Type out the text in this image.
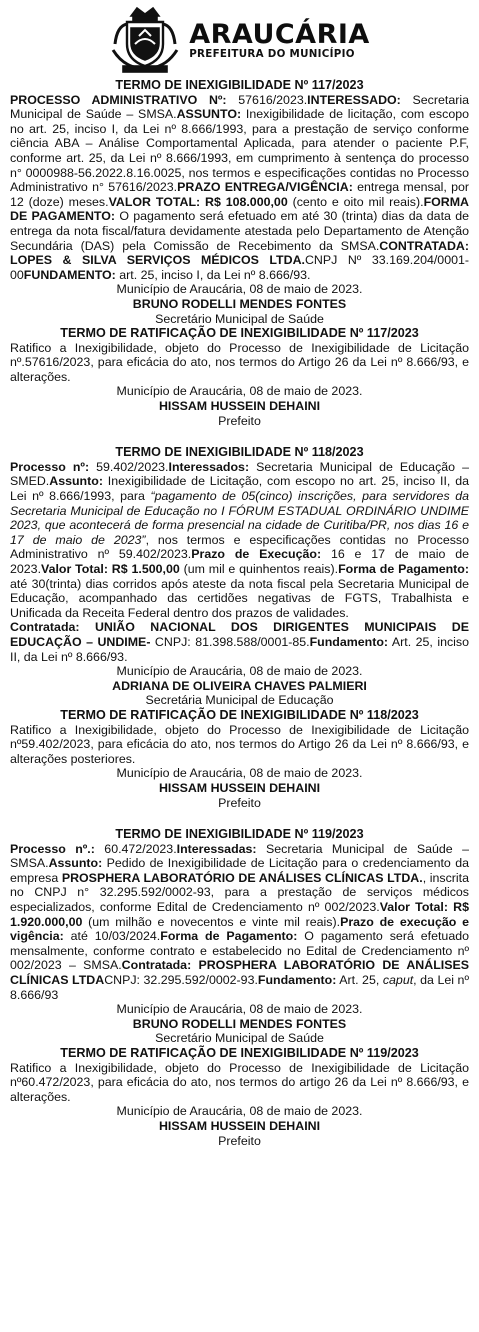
ARAUCÁRIA
PREFEITURA DO MUNICÍPIO
TERMO DE INEXIGIBILIDADE Nº 117/2023
PROCESSO ADMINISTRATIVO Nº: 57616/2023.INTERESSADO: Secretaria Municipal de Saúde – SMSA.ASSUNTO: Inexigibilidade de licitação, com escopo no art. 25, inciso I, da Lei nº 8.666/1993, para a prestação de serviço conforme ciência ABA – Análise Comportamental Aplicada, para atender o paciente P.F, conforme art. 25, da Lei nº 8.666/1993, em cumprimento à sentença do processo n° 0000988-56.2022.8.16.0025, nos termos e especificações contidas no Processo Administrativo n° 57616/2023.PRAZO ENTREGA/VIGÊNCIA: entrega mensal, por 12 (doze) meses.VALOR TOTAL: R$ 108.000,00 (cento e oito mil reais).FORMA DE PAGAMENTO: O pagamento será efetuado em até 30 (trinta) dias da data de entrega da nota fiscal/fatura devidamente atestada pelo Departamento de Atenção Secundária (DAS) pela Comissão de Recebimento da SMSA.CONTRATADA: LOPES & SILVA SERVIÇOS MÉDICOS LTDA.CNPJ Nº 33.169.204/0001-00FUNDAMENTO: art. 25, inciso I, da Lei nº 8.666/93.
Município de Araucária, 08 de maio de 2023.
BRUNO RODELLI MENDES FONTES
Secretário Municipal de Saúde
TERMO DE RATIFICAÇÃO DE INEXIGIBILIDADE Nº 117/2023
Ratifico a Inexigibilidade, objeto do Processo de Inexigibilidade de Licitação nº.57616/2023, para eficácia do ato, nos termos do Artigo 26 da Lei nº 8.666/93, e alterações.
Município de Araucária, 08 de maio de 2023.
HISSAM HUSSEIN DEHAINI
Prefeito
TERMO DE INEXIGIBILIDADE Nº 118/2023
Processo nº: 59.402/2023.Interessados: Secretaria Municipal de Educação – SMED.Assunto: Inexigibilidade de Licitação, com escopo no art. 25, inciso II, da Lei nº 8.666/1993, para “pagamento de 05(cinco) inscrições, para servidores da Secretaria Municipal de Educação no I FÓRUM ESTADUAL ORDINÁRIO UNDIME 2023, que acontecerá de forma presencial na cidade de Curitiba/PR, nos dias 16 e 17 de maio de 2023”, nos termos e especificações contidas no Processo Administrativo nº 59.402/2023.Prazo de Execução: 16 e 17 de maio de 2023.Valor Total: R$ 1.500,00 (um mil e quinhentos reais).Forma de Pagamento: até 30(trinta) dias corridos após ateste da nota fiscal pela Secretaria Municipal de Educação, acompanhado das certidões negativas de FGTS, Trabalhista e Unificada da Receita Federal dentro dos prazos de validades.
Contratada: UNIÃO NACIONAL DOS DIRIGENTES MUNICIPAIS DE EDUCAÇÃO – UNDIME- CNPJ: 81.398.588/0001-85.Fundamento: Art. 25, inciso II, da Lei nº 8.666/93.
Município de Araucária, 08 de maio de 2023.
ADRIANA DE OLIVEIRA CHAVES PALMIERI
Secretária Municipal de Educação
TERMO DE RATIFICAÇÃO DE INEXIGIBILIDADE Nº 118/2023
Ratifico a Inexigibilidade, objeto do Processo de Inexigibilidade de Licitação nº59.402/2023, para eficácia do ato, nos termos do Artigo 26 da Lei nº 8.666/93, e alterações posteriores.
Município de Araucária, 08 de maio de 2023.
HISSAM HUSSEIN DEHAINI
Prefeito
TERMO DE INEXIGIBILIDADE Nº 119/2023
Processo nº.: 60.472/2023.Interessadas: Secretaria Municipal de Saúde – SMSA.Assunto: Pedido de Inexigibilidade de Licitação para o credenciamento da empresa PROSPHERA LABORATÓRIO DE ANÁLISES CLÍNICAS LTDA., inscrita no CNPJ n° 32.295.592/0002-93, para a prestação de serviços médicos especializados, conforme Edital de Credenciamento nº 002/2023.Valor Total: R$ 1.920.000,00 (um milhão e novecentos e vinte mil reais).Prazo de execução e vigência: até 10/03/2024.Forma de Pagamento: O pagamento será efetuado mensalmente, conforme contrato e estabelecido no Edital de Credenciamento nº 002/2023 – SMSA.Contratada: PROSPHERA LABORATÓRIO DE ANÁLISES CLÍNICAS LTDACNPJ: 32.295.592/0002-93.Fundamento: Art. 25, caput, da Lei nº 8.666/93
Município de Araucária, 08 de maio de 2023.
BRUNO RODELLI MENDES FONTES
Secretário Municipal de Saúde
TERMO DE RATIFICAÇÃO DE INEXIGIBILIDADE Nº 119/2023
Ratifico a Inexigibilidade, objeto do Processo de Inexigibilidade de Licitação nº60.472/2023, para eficácia do ato, nos termos do artigo 26 da Lei nº 8.666/93, e alterações.
Município de Araucária, 08 de maio de 2023.
HISSAM HUSSEIN DEHAINI
Prefeito
